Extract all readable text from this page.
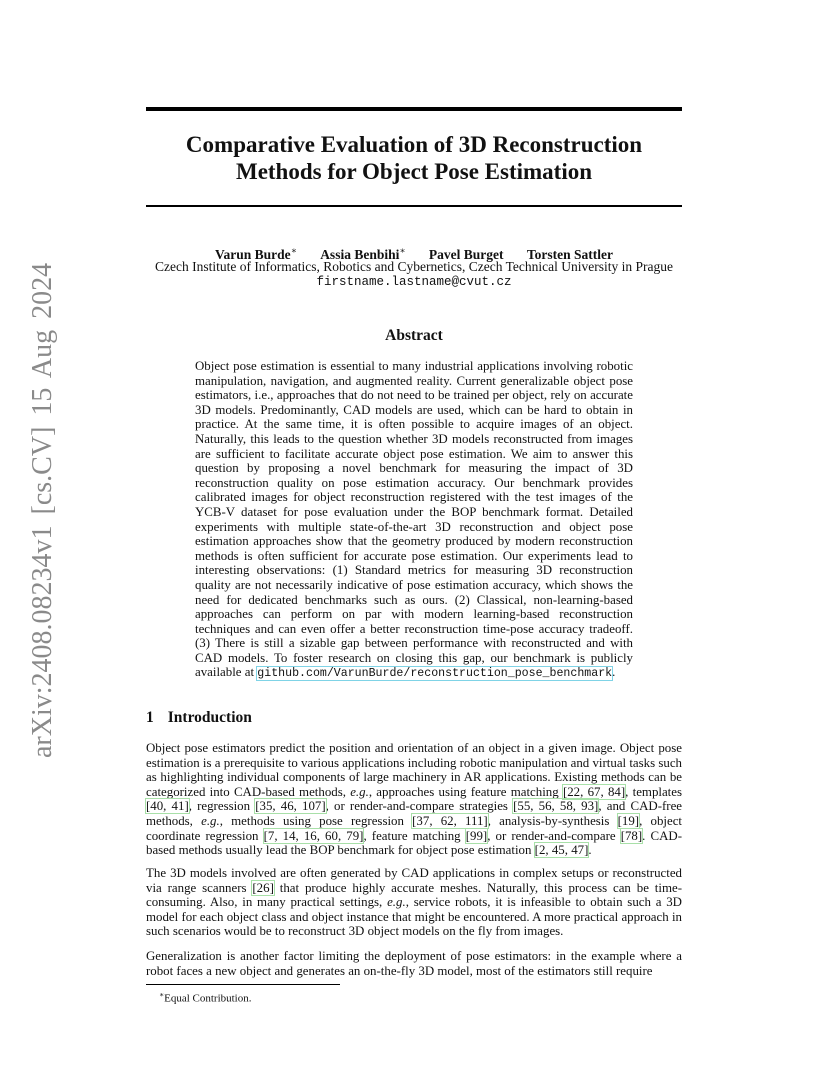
arXiv:2408.08234v1 [cs.CV] 15 Aug 2024
Comparative Evaluation of 3D Reconstruction
Methods for Object Pose Estimation
Varun Burde∗ Assia Benbihi∗ Pavel Burget Torsten Sattler
Czech Institute of Informatics, Robotics and Cybernetics, Czech Technical University in Prague
firstname.lastname@cvut.cz
Abstract
Object pose estimation is essential to many industrial applications involving robotic manipulation, navigation, and augmented reality. Current generalizable object pose estimators, i.e., approaches that do not need to be trained per object, rely on accurate 3D models. Predominantly, CAD models are used, which can be hard to obtain in practice. At the same time, it is often possible to acquire images of an object. Naturally, this leads to the question whether 3D models reconstructed from images are sufficient to facilitate accurate object pose estimation. We aim to answer this question by proposing a novel benchmark for measuring the impact of 3D reconstruction quality on pose estimation accuracy. Our benchmark provides calibrated images for object reconstruction registered with the test images of the YCB-V dataset for pose evaluation under the BOP benchmark format. Detailed experiments with multiple state-of-the-art 3D reconstruction and object pose estimation approaches show that the geometry produced by modern reconstruction methods is often sufficient for accurate pose estimation. Our experiments lead to interesting observations: (1) Standard metrics for measuring 3D reconstruction quality are not necessarily indicative of pose estimation accuracy, which shows the need for dedicated benchmarks such as ours. (2) Classical, non-learning-based approaches can perform on par with modern learning-based reconstruction techniques and can even offer a better reconstruction time-pose accuracy tradeoff. (3) There is still a sizable gap between performance with reconstructed and with CAD models. To foster research on closing this gap, our benchmark is publicly available at github.com/VarunBurde/reconstruction_pose_benchmark.
1 Introduction
Object pose estimators predict the position and orientation of an object in a given image. Object pose estimation is a prerequisite to various applications including robotic manipulation and virtual tasks such as highlighting individual components of large machinery in AR applications. Existing methods can be categorized into CAD-based methods, e.g., approaches using feature matching [22, 67, 84], templates [40, 41], regression [35, 46, 107], or render-and-compare strategies [55, 56, 58, 93], and CAD-free methods, e.g., methods using pose regression [37, 62, 111], analysis-by-synthesis [19], object coordinate regression [7, 14, 16, 60, 79], feature matching [99], or render-and-compare [78]. CAD-based methods usually lead the BOP benchmark for object pose estimation [2, 45, 47].
The 3D models involved are often generated by CAD applications in complex setups or reconstructed via range scanners [26] that produce highly accurate meshes. Naturally, this process can be time-consuming. Also, in many practical settings, e.g., service robots, it is infeasible to obtain such a 3D model for each object class and object instance that might be encountered. A more practical approach in such scenarios would be to reconstruct 3D object models on the fly from images.
Generalization is another factor limiting the deployment of pose estimators: in the example where a robot faces a new object and generates an on-the-fly 3D model, most of the estimators still require
∗Equal Contribution.
